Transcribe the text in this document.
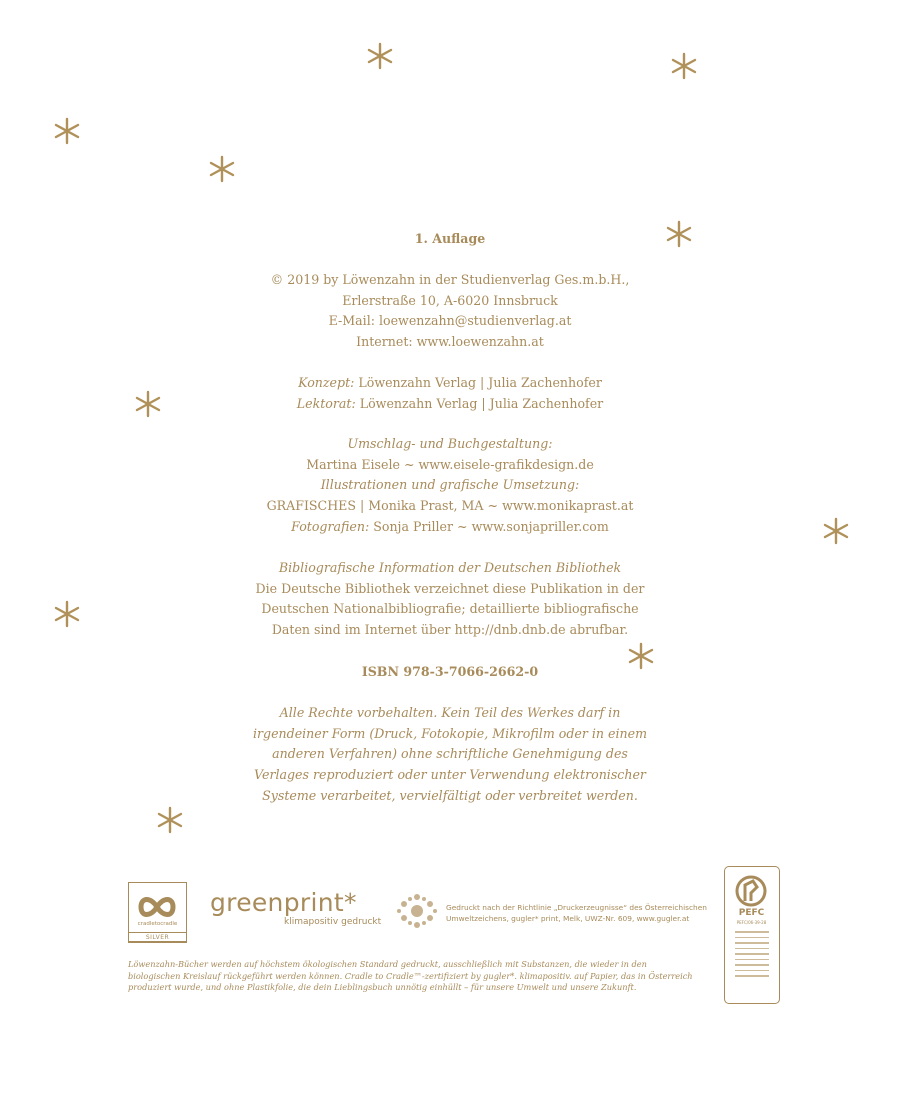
1. Auflage
© 2019 by Löwenzahn in der Studienverlag Ges.m.b.H.,
Erlerstraße 10, A-6020 Innsbruck
E-Mail: loewenzahn@studienverlag.at
Internet: www.loewenzahn.at
Konzept: Löwenzahn Verlag | Julia Zachenhofer
Lektorat: Löwenzahn Verlag | Julia Zachenhofer
Umschlag- und Buchgestaltung:
Martina Eisele ~ www.eisele-grafikdesign.de
Illustrationen und grafische Umsetzung:
GRAFISCHES | Monika Prast, MA ~ www.monikaprast.at
Fotografien: Sonja Priller ~ www.sonjapriller.com
Bibliografische Information der Deutschen Bibliothek
Die Deutsche Bibliothek verzeichnet diese Publikation in der
Deutschen Nationalbibliografie; detaillierte bibliografische
Daten sind im Internet über http://dnb.dnb.de abrufbar.
ISBN 978-3-7066-2662-0
Alle Rechte vorbehalten. Kein Teil des Werkes darf in
irgendeiner Form (Druck, Fotokopie, Mikrofilm oder in einem
anderen Verfahren) ohne schriftliche Genehmigung des
Verlages reproduziert oder unter Verwendung elektronischer
Systeme verarbeitet, vervielfältigt oder verbreitet werden.
cradletocradle
SILVER
greenprint*
klimapositiv gedruckt
Gedruckt nach der Richtlinie „Druckerzeugnisse“ des Österreichischen
Umweltzeichens, gugler* print, Melk, UWZ-Nr. 609, www.gugler.at
Löwenzahn-Bücher werden auf höchstem ökologischen Standard gedruckt, ausschließlich mit Substanzen, die wieder in den
biologischen Kreislauf rückgeführt werden können. Cradle to Cradle™-zertifiziert by gugler*. klimapositiv. auf Papier, das in Österreich
produziert wurde, und ohne Plastikfolie, die dein Lieblingsbuch unnötig einhüllt – für unsere Umwelt und unsere Zukunft.
PEFC
PEFC/06-39-28
